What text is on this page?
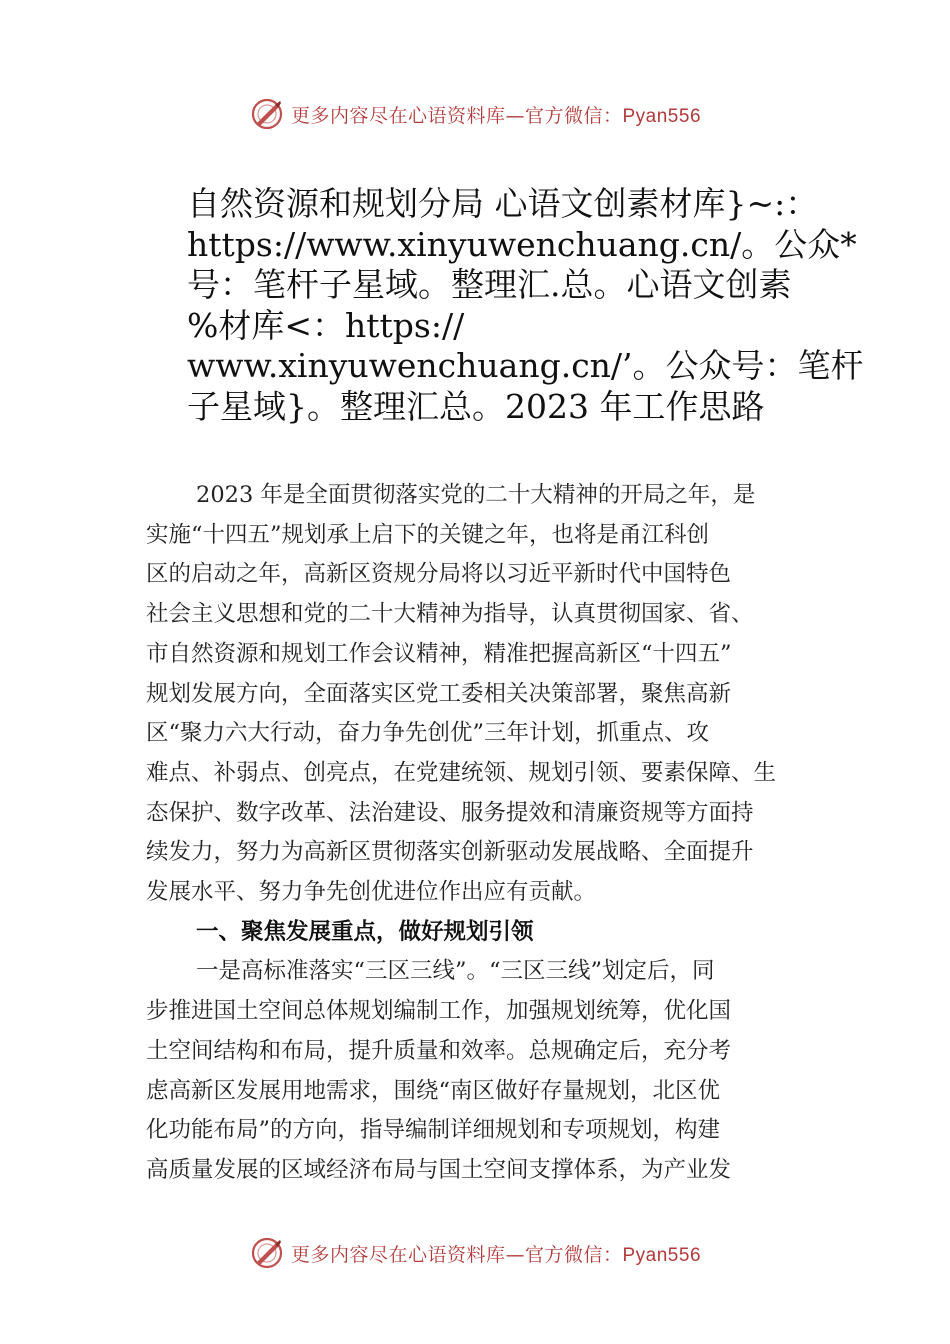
更多内容尽在心语资料库—官方微信：Pyan556
自然资源和规划分局 心语文创素材库}~:：
https://www.xinyuwenchuang.cn/。公众*
号：笔杆子星域。整理汇.总。心语文创素
%材库<：https://
www.xinyuwenchuang.cn/’。公众号：笔杆
子星域}。整理汇总。2023 年工作思路
2023 年是全面贯彻落实党的二十大精神的开局之年，是
实施“十四五”规划承上启下的关键之年，也将是甬江科创
区的启动之年，高新区资规分局将以习近平新时代中国特色
社会主义思想和党的二十大精神为指导，认真贯彻国家、省、
市自然资源和规划工作会议精神，精准把握高新区“十四五”
规划发展方向，全面落实区党工委相关决策部署，聚焦高新
区“聚力六大行动，奋力争先创优”三年计划，抓重点、攻
难点、补弱点、创亮点，在党建统领、规划引领、要素保障、生
态保护、数字改革、法治建设、服务提效和清廉资规等方面持
续发力，努力为高新区贯彻落实创新驱动发展战略、全面提升
发展水平、努力争先创优进位作出应有贡献。
一、聚焦发展重点，做好规划引领
一是高标准落实“三区三线”。“三区三线”划定后，同
步推进国土空间总体规划编制工作，加强规划统筹，优化国
土空间结构和布局，提升质量和效率。总规确定后，充分考
虑高新区发展用地需求，围绕“南区做好存量规划，北区优
化功能布局”的方向，指导编制详细规划和专项规划，构建
高质量发展的区域经济布局与国土空间支撑体系，为产业发
更多内容尽在心语资料库—官方微信：Pyan556
